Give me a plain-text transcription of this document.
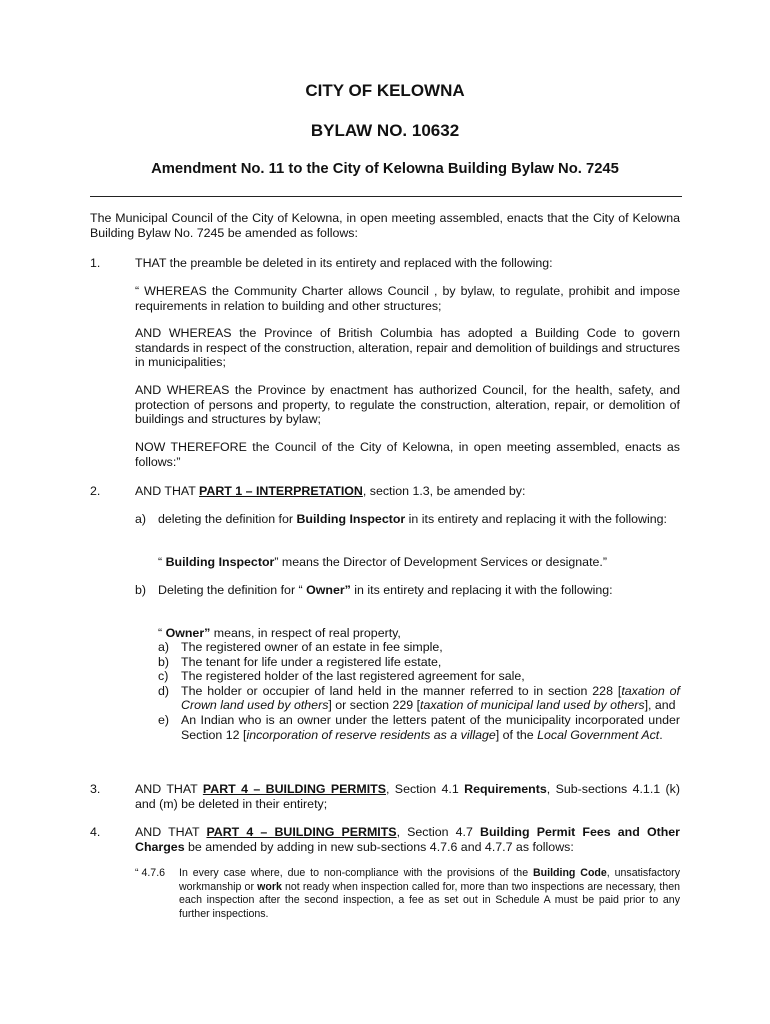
CITY OF KELOWNA
BYLAW NO. 10632
Amendment No. 11 to the City of Kelowna Building Bylaw No. 7245

The Municipal Council of the City of Kelowna, in open meeting assembled, enacts that the City of Kelowna Building Bylaw No. 7245 be amended as follows:

1.	THAT the preamble be deleted in its entirety and replaced with the following:

“ WHEREAS the Community Charter allows Council , by bylaw, to regulate, prohibit and impose requirements in relation to building and other structures;

AND WHEREAS the Province of British Columbia has adopted a Building Code to govern standards in respect of the construction, alteration, repair and demolition of buildings and structures in municipalities;

AND WHEREAS the Province by enactment has authorized Council, for the health, safety, and protection of persons and property, to regulate the construction, alteration, repair, or demolition of buildings and structures by bylaw;

NOW THEREFORE the Council of the City of Kelowna, in open meeting assembled, enacts as follows:”

2.	AND THAT PART 1 – INTERPRETATION, section 1.3, be amended by:

a) deleting the definition for Building Inspector in its entirety and replacing it with the following:

“ Building Inspector” means the Director of Development Services or designate.”

b) Deleting the definition for “ Owner” in its entirety and replacing it with the following:

“ Owner” means, in respect of real property,

a) The registered owner of an estate in fee simple,
b) The tenant for life under a registered life estate,
c) The registered holder of the last registered agreement for sale,
d) The holder or occupier of land held in the manner referred to in section 228 [taxation of Crown land used by others] or section 229 [taxation of municipal land used by others], and
e) An Indian who is an owner under the letters patent of the municipality incorporated under Section 12 [incorporation of reserve residents as a village] of the Local Government Act.
3.	AND THAT PART 4 – BUILDING PERMITS, Section 4.1 Requirements, Sub-sections 4.1.1 (k) and (m) be deleted in their entirety;

4.	AND THAT PART 4 – BUILDING PERMITS, Section 4.7 Building Permit Fees and Other Charges be amended by adding in new sub-sections 4.7.6 and 4.7.7 as follows:

“ 4.7.6 In every case where, due to non-compliance with the provisions of the Building Code, unsatisfactory workmanship or work not ready when inspection called for, more than two inspections are necessary, then each inspection after the second inspection, a fee as set out in Schedule A must be paid prior to any further inspections.
